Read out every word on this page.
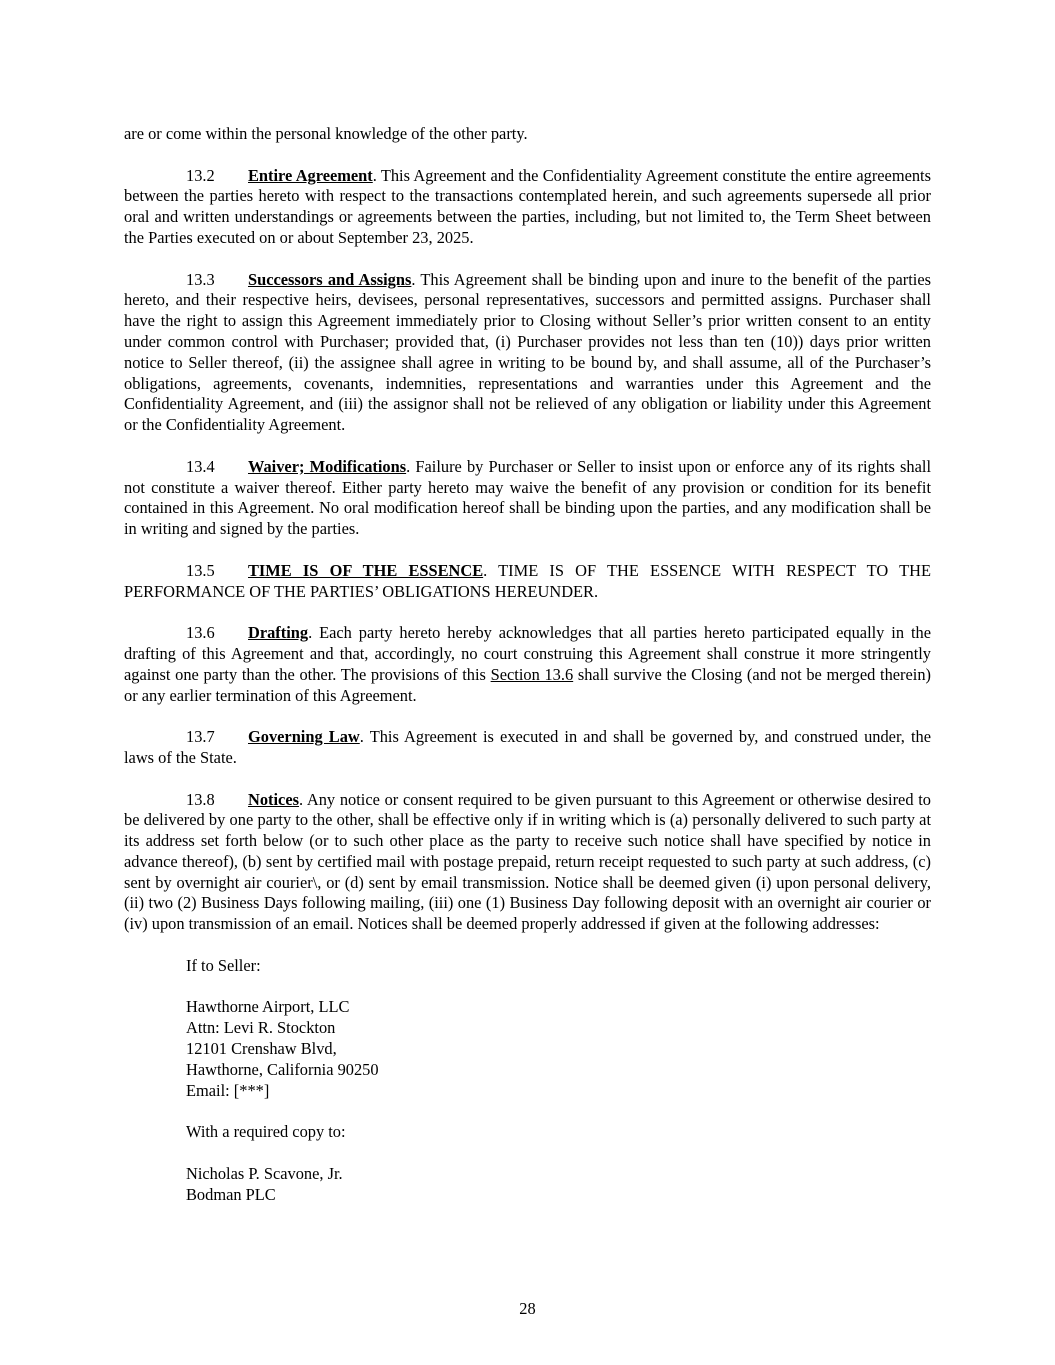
are or come within the personal knowledge of the other party.

13.2 Entire Agreement. This Agreement and the Confidentiality Agreement constitute the entire agreements between the parties hereto with respect to the transactions contemplated herein, and such agreements supersede all prior oral and written understandings or agreements between the parties, including, but not limited to, the Term Sheet between the Parties executed on or about September 23, 2025.

13.3 Successors and Assigns. This Agreement shall be binding upon and inure to the benefit of the parties hereto, and their respective heirs, devisees, personal representatives, successors and permitted assigns. Purchaser shall have the right to assign this Agreement immediately prior to Closing without Seller’s prior written consent to an entity under common control with Purchaser; provided that, (i) Purchaser provides not less than ten (10)) days prior written notice to Seller thereof, (ii) the assignee shall agree in writing to be bound by, and shall assume, all of the Purchaser’s obligations, agreements, covenants, indemnities, representations and warranties under this Agreement and the Confidentiality Agreement, and (iii) the assignor shall not be relieved of any obligation or liability under this Agreement or the Confidentiality Agreement.

13.4 Waiver; Modifications. Failure by Purchaser or Seller to insist upon or enforce any of its rights shall not constitute a waiver thereof. Either party hereto may waive the benefit of any provision or condition for its benefit contained in this Agreement. No oral modification hereof shall be binding upon the parties, and any modification shall be in writing and signed by the parties.

13.5 TIME IS OF THE ESSENCE. TIME IS OF THE ESSENCE WITH RESPECT TO THE PERFORMANCE OF THE PARTIES’ OBLIGATIONS HEREUNDER.

13.6 Drafting. Each party hereto hereby acknowledges that all parties hereto participated equally in the drafting of this Agreement and that, accordingly, no court construing this Agreement shall construe it more stringently against one party than the other. The provisions of this Section 13.6 shall survive the Closing (and not be merged therein) or any earlier termination of this Agreement.

13.7 Governing Law. This Agreement is executed in and shall be governed by, and construed under, the laws of the State.

13.8 Notices. Any notice or consent required to be given pursuant to this Agreement or otherwise desired to be delivered by one party to the other, shall be effective only if in writing which is (a) personally delivered to such party at its address set forth below (or to such other place as the party to receive such notice shall have specified by notice in advance thereof), (b) sent by certified mail with postage prepaid, return receipt requested to such party at such address, (c) sent by overnight air courier\, or (d) sent by email transmission. Notice shall be deemed given (i) upon personal delivery, (ii) two (2) Business Days following mailing, (iii) one (1) Business Day following deposit with an overnight air courier or (iv) upon transmission of an email. Notices shall be deemed properly addressed if given at the following addresses:

If to Seller:
Hawthorne Airport, LLC
Attn: Levi R. Stockton
12101 Crenshaw Blvd,
Hawthorne, California 90250
Email: [***]
With a required copy to:
Nicholas P. Scavone, Jr.
Bodman PLC
28
